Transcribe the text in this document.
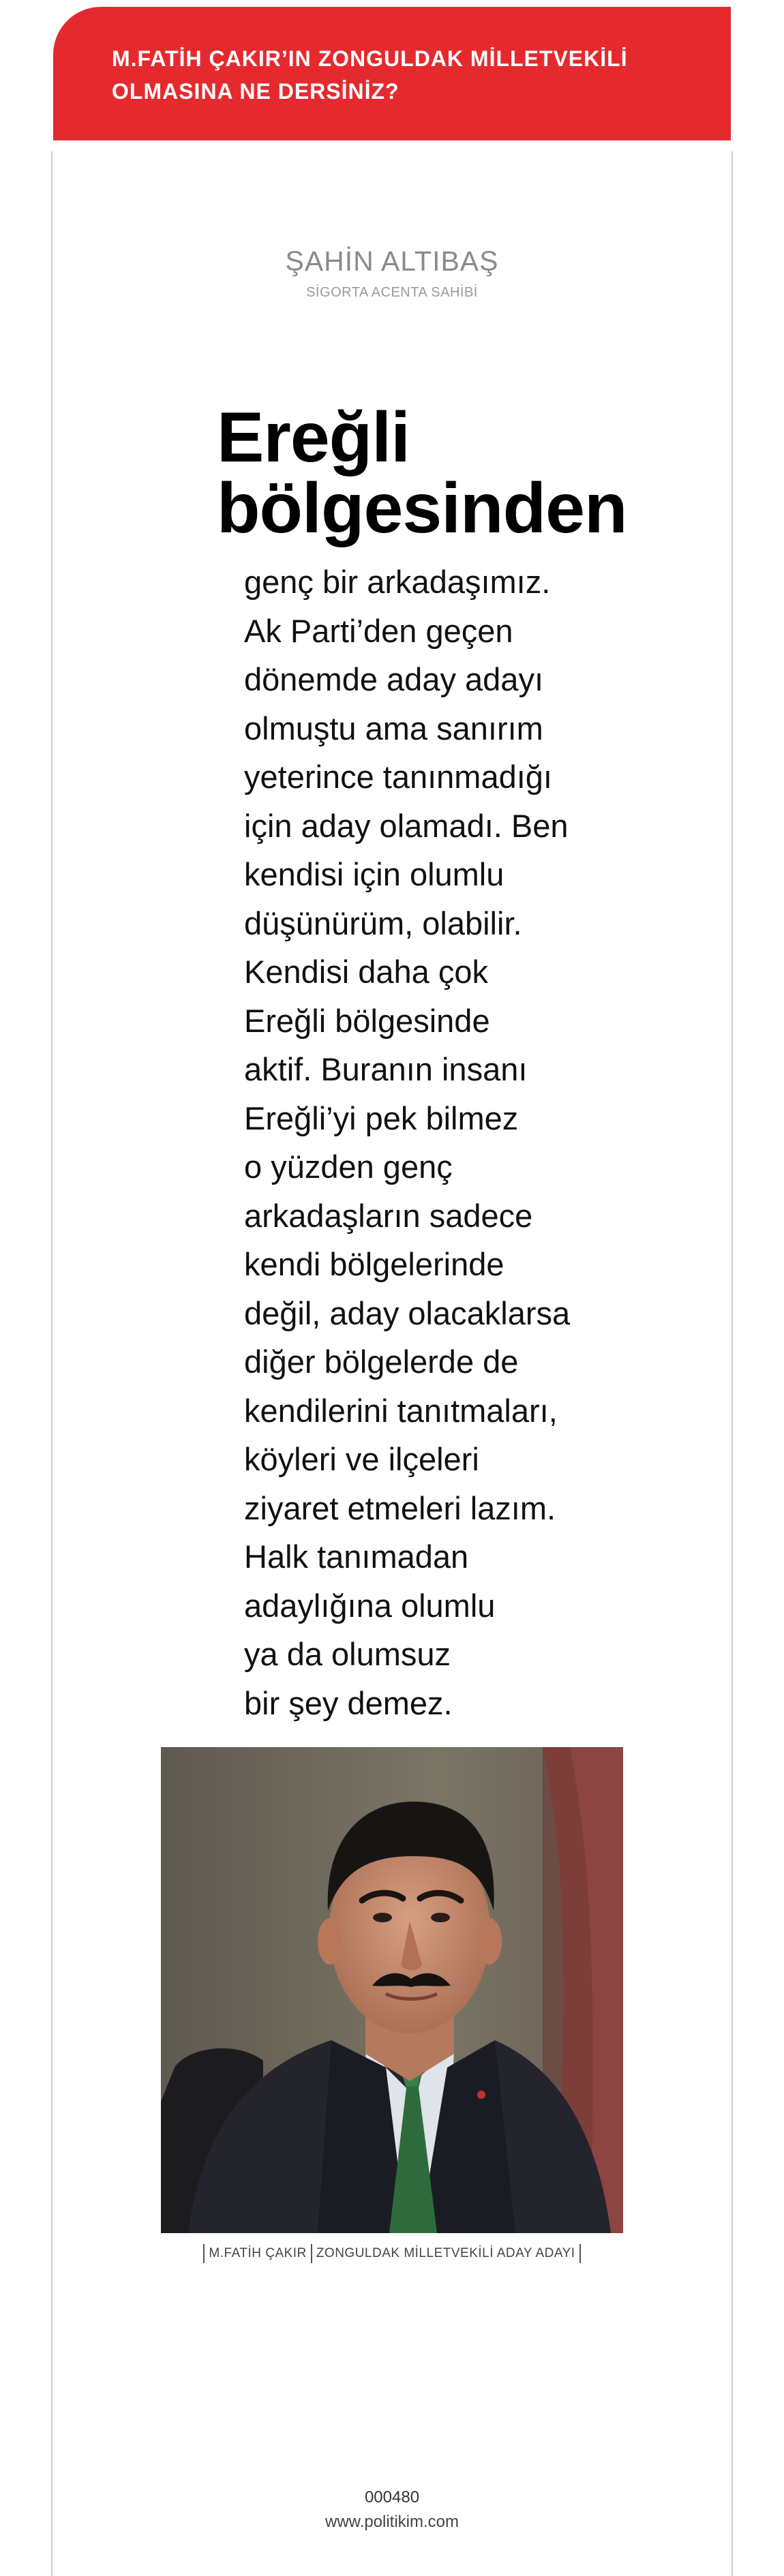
M.FATİH ÇAKIR’IN ZONGULDAK MİLLETVEKİLİ
OLMASINA NE DERSİNİZ?
ŞAHİN ALTIBAŞ
SİGORTA ACENTA SAHİBİ
Ereğli
bölgesinden
genç bir arkadaşımız.
Ak Parti’den geçen
dönemde aday adayı
olmuştu ama sanırım
yeterince tanınmadığı
için aday olamadı. Ben
kendisi için olumlu
düşünürüm, olabilir.
Kendisi daha çok
Ereğli bölgesinde
aktif. Buranın insanı
Ereğli’yi pek bilmez
o yüzden genç
arkadaşların sadece
kendi bölgelerinde
değil, aday olacaklarsa
diğer bölgelerde de
kendilerini tanıtmaları,
köyleri ve ilçeleri
ziyaret etmeleri lazım.
Halk tanımadan
adaylığına olumlu
ya da olumsuz
bir şey demez.
M.FATİH ÇAKIR ZONGULDAK MİLLETVEKİLİ ADAY ADAYI
000480
www.politikim.com
